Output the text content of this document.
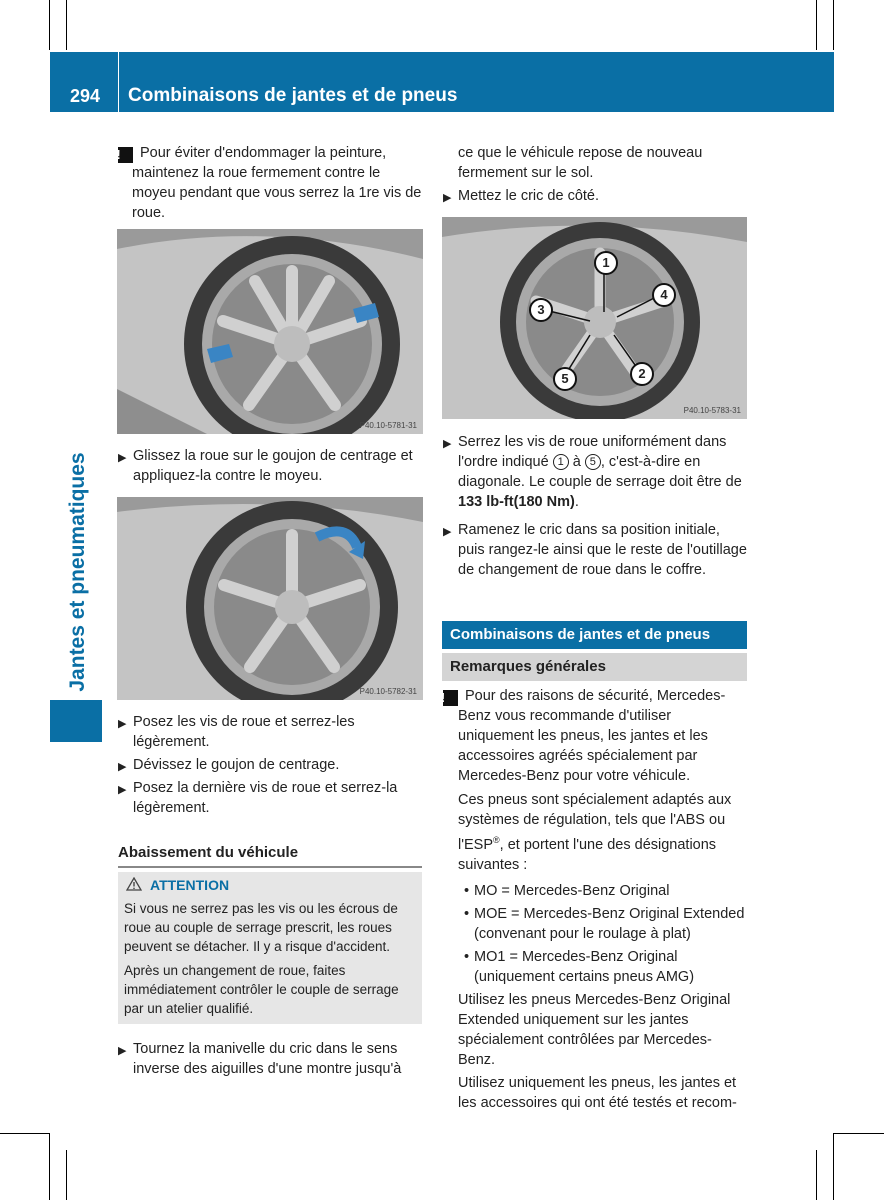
294 Combinaisons de jantes et de pneus
Jantes et pneumatiques

! Pour éviter d'endommager la peinture, maintenez la roue fermement contre le moyeu pendant que vous serrez la 1re vis de roue.

P40.10-5781-31
▶ Glissez la roue sur le goujon de centrage et appliquez-la contre le moyeu.
P40.10-5782-31
▶ Posez les vis de roue et serrez-les légèrement.
▶ Dévissez le goujon de centrage.
▶ Posez la dernière vis de roue et serrez-la légèrement.
Abaissement du véhicule
ATTENTION

Si vous ne serrez pas les vis ou les écrous de roue au couple de serrage prescrit, les roues peuvent se détacher. Il y a risque d'accident.

Après un changement de roue, faites immédiatement contrôler le couple de serrage par un atelier qualifié.

▶ Tournez la manivelle du cric dans le sens inverse des aiguilles d'une montre jusqu'à
ce que le véhicule repose de nouveau fermement sur le sol.
▶ Mettez le cric de côté.
1
2
3
4
5
P40.10-5783-31
▶ Serrez les vis de roue uniformément dans l'ordre indiqué 1 à 5 , c'est-à-dire en diagonale. Le couple de serrage doit être de 133 lb-ft(180 Nm).
▶ Ramenez le cric dans sa position initiale, puis rangez-le ainsi que le reste de l'outillage de changement de roue dans le coffre.
Combinaisons de jantes et de pneus
Remarques générales

! Pour des raisons de sécurité, Mercedes-Benz vous recommande d'utiliser uniquement les pneus, les jantes et les accessoires agréés spécialement par Mercedes-Benz pour votre véhicule.

Ces pneus sont spécialement adaptés aux systèmes de régulation, tels que l'ABS ou l'ESP®, et portent l'une des désignations suivantes :

• MO = Mercedes-Benz Original
• MOE = Mercedes-Benz Original Extended (convenant pour le roulage à plat)
• MO1 = Mercedes-Benz Original (uniquement certains pneus AMG)

Utilisez les pneus Mercedes-Benz Original Extended uniquement sur les jantes spécialement contrôlées par Mercedes-Benz.

Utilisez uniquement les pneus, les jantes et les accessoires qui ont été testés et recom-
